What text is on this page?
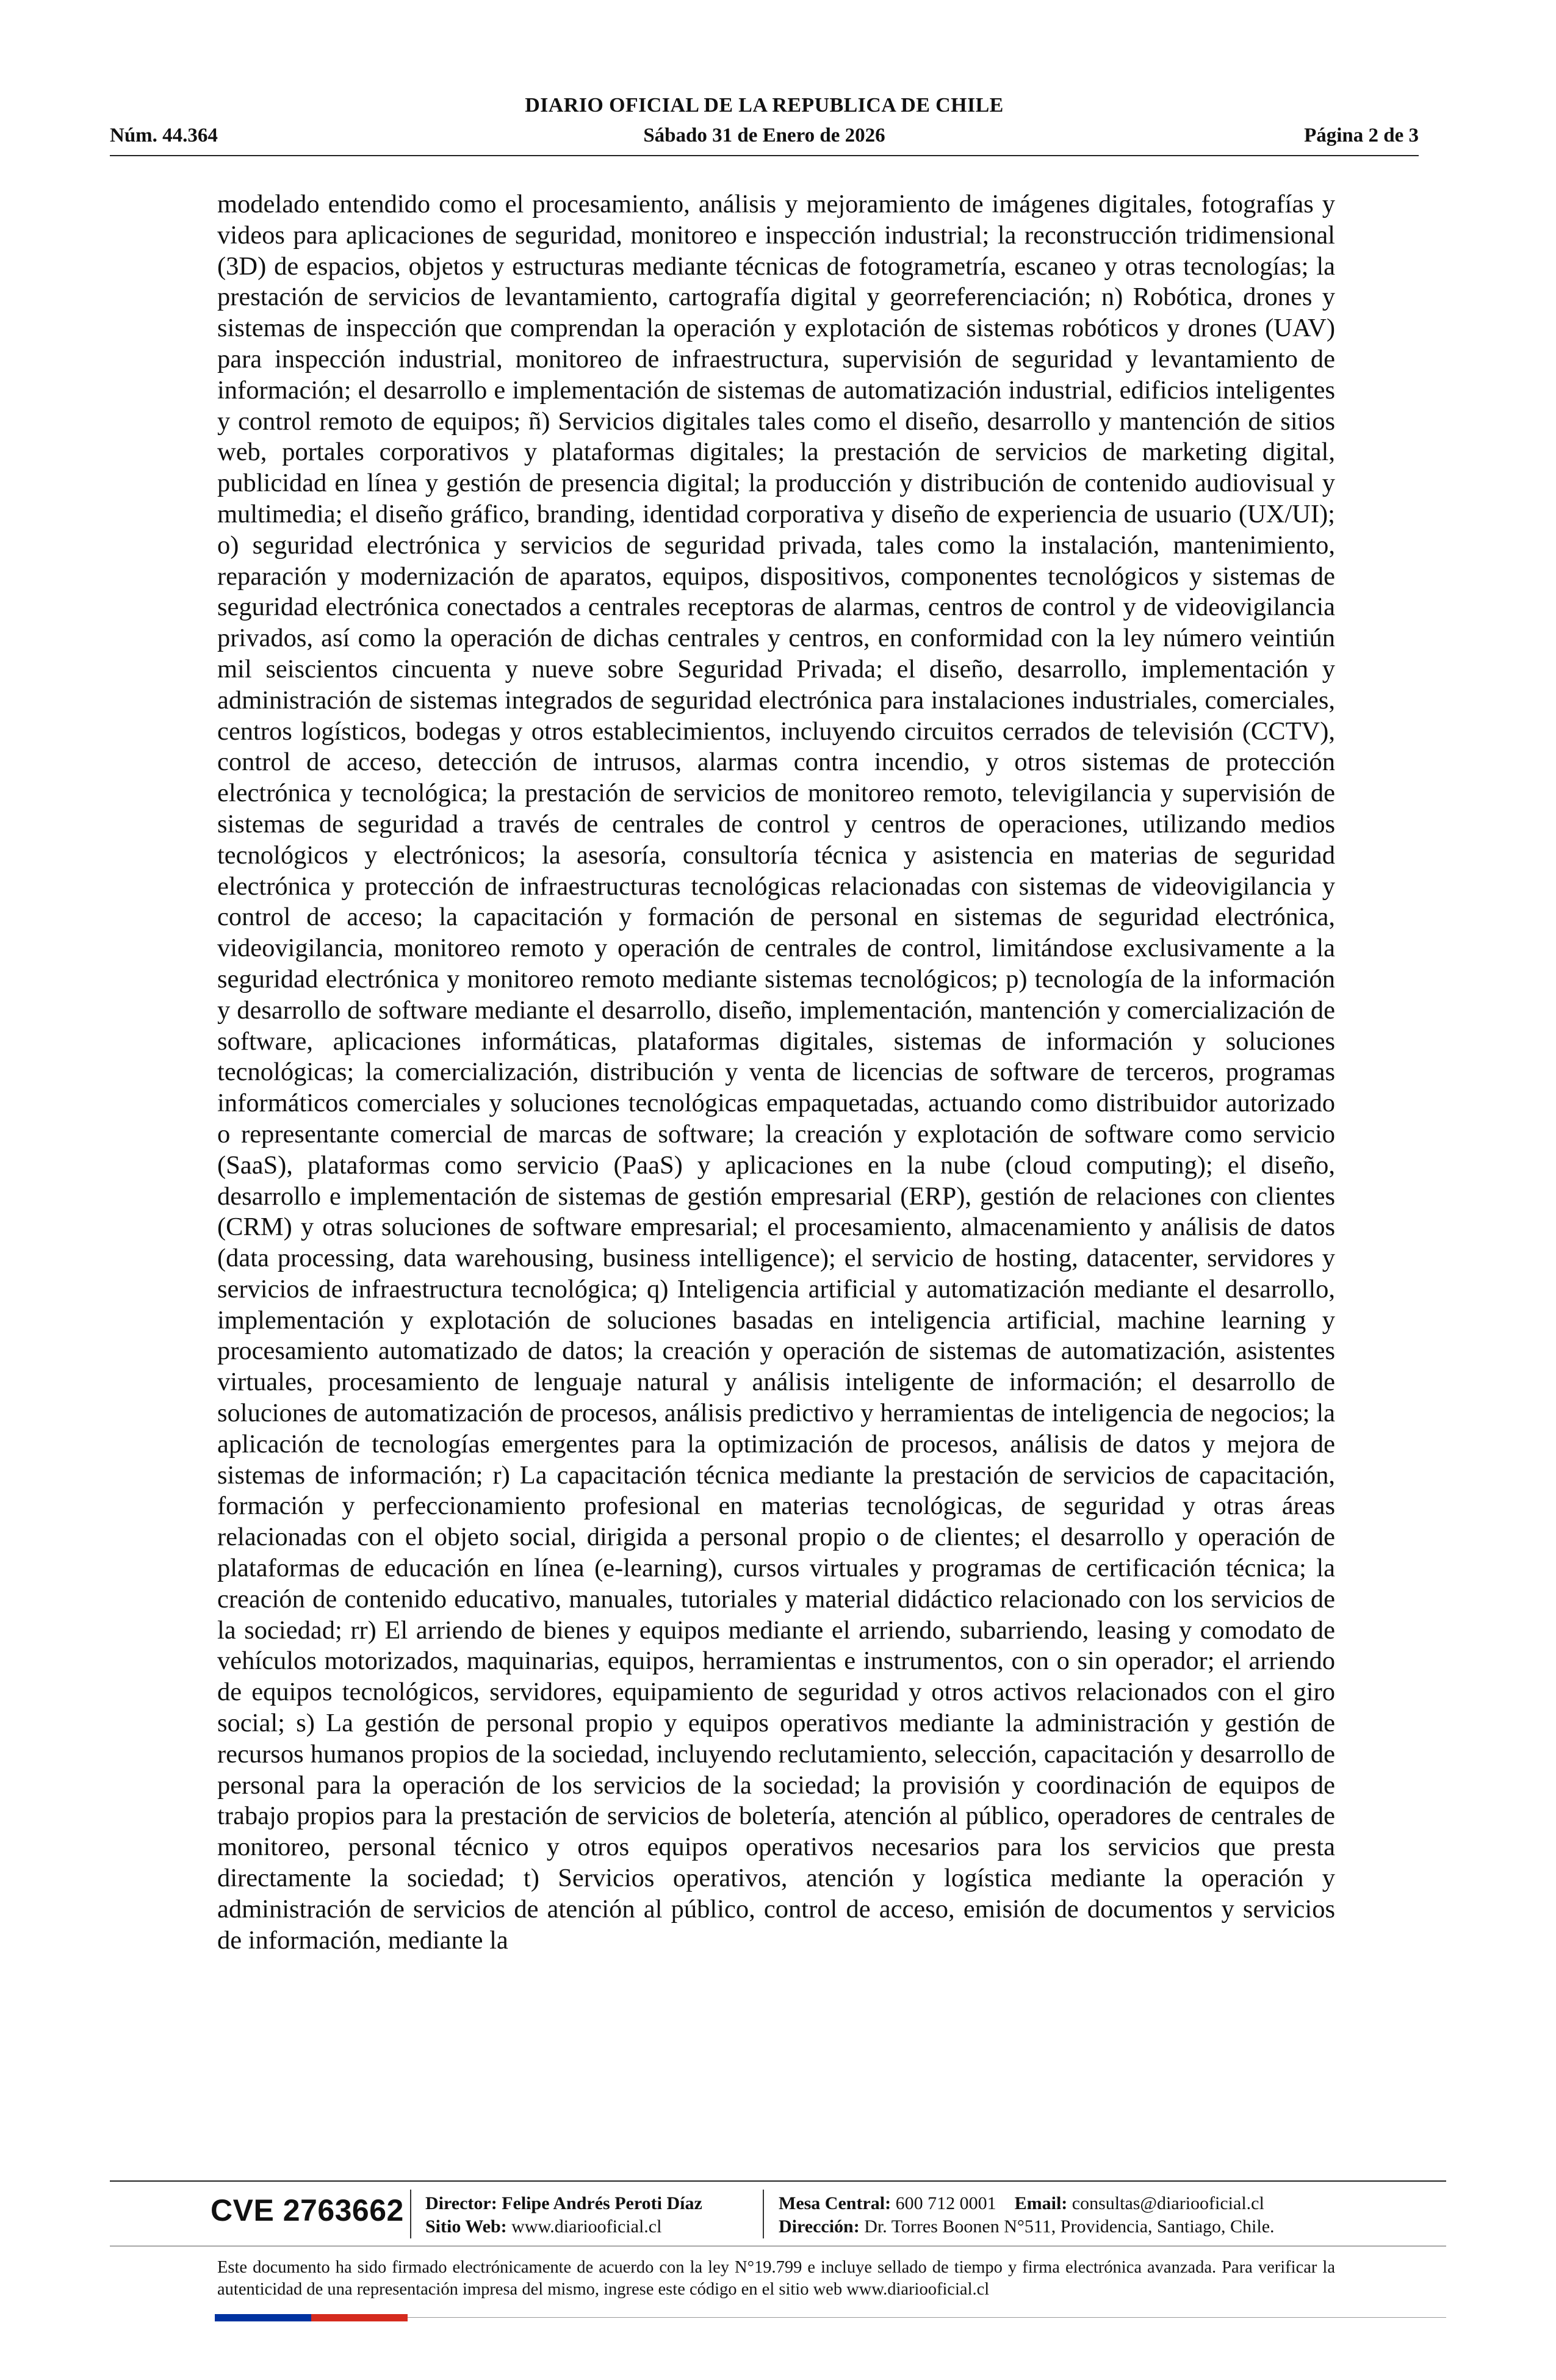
DIARIO OFICIAL DE LA REPUBLICA DE CHILE
Núm. 44.364	Sábado 31 de Enero de 2026	Página 2 de 3

modelado entendido como el procesamiento, análisis y mejoramiento de imágenes digitales, fotografías y videos para aplicaciones de seguridad, monitoreo e inspección industrial; la reconstrucción tridimensional (3D) de espacios, objetos y estructuras mediante técnicas de fotogrametría, escaneo y otras tecnologías; la prestación de servicios de levantamiento, cartografía digital y georreferenciación; n) Robótica, drones y sistemas de inspección que comprendan la operación y explotación de sistemas robóticos y drones (UAV) para inspección industrial, monitoreo de infraestructura, supervisión de seguridad y levantamiento de información; el desarrollo e implementación de sistemas de automatización industrial, edificios inteligentes y control remoto de equipos; ñ) Servicios digitales tales como el diseño, desarrollo y mantención de sitios web, portales corporativos y plataformas digitales; la prestación de servicios de marketing digital, publicidad en línea y gestión de presencia digital; la producción y distribución de contenido audiovisual y multimedia; el diseño gráfico, branding, identidad corporativa y diseño de experiencia de usuario (UX/UI); o) seguridad electrónica y servicios de seguridad privada, tales como la instalación, mantenimiento, reparación y modernización de aparatos, equipos, dispositivos, componentes tecnológicos y sistemas de seguridad electrónica conectados a centrales receptoras de alarmas, centros de control y de videovigilancia privados, así como la operación de dichas centrales y centros, en conformidad con la ley número veintiún mil seiscientos cincuenta y nueve sobre Seguridad Privada; el diseño, desarrollo, implementación y administración de sistemas integrados de seguridad electrónica para instalaciones industriales, comerciales, centros logísticos, bodegas y otros establecimientos, incluyendo circuitos cerrados de televisión (CCTV), control de acceso, detección de intrusos, alarmas contra incendio, y otros sistemas de protección electrónica y tecnológica; la prestación de servicios de monitoreo remoto, televigilancia y supervisión de sistemas de seguridad a través de centrales de control y centros de operaciones, utilizando medios tecnológicos y electrónicos; la asesoría, consultoría técnica y asistencia en materias de seguridad electrónica y protección de infraestructuras tecnológicas relacionadas con sistemas de videovigilancia y control de acceso; la capacitación y formación de personal en sistemas de seguridad electrónica, videovigilancia, monitoreo remoto y operación de centrales de control, limitándose exclusivamente a la seguridad electrónica y monitoreo remoto mediante sistemas tecnológicos; p) tecnología de la información y desarrollo de software mediante el desarrollo, diseño, implementación, mantención y comercialización de software, aplicaciones informáticas, plataformas digitales, sistemas de información y soluciones tecnológicas; la comercialización, distribución y venta de licencias de software de terceros, programas informáticos comerciales y soluciones tecnológicas empaquetadas, actuando como distribuidor autorizado o representante comercial de marcas de software; la creación y explotación de software como servicio (SaaS), plataformas como servicio (PaaS) y aplicaciones en la nube (cloud computing); el diseño, desarrollo e implementación de sistemas de gestión empresarial (ERP), gestión de relaciones con clientes (CRM) y otras soluciones de software empresarial; el procesamiento, almacenamiento y análisis de datos (data processing, data warehousing, business intelligence); el servicio de hosting, datacenter, servidores y servicios de infraestructura tecnológica; q) Inteligencia artificial y automatización mediante el desarrollo, implementación y explotación de soluciones basadas en inteligencia artificial, machine learning y procesamiento automatizado de datos; la creación y operación de sistemas de automatización, asistentes virtuales, procesamiento de lenguaje natural y análisis inteligente de información; el desarrollo de soluciones de automatización de procesos, análisis predictivo y herramientas de inteligencia de negocios; la aplicación de tecnologías emergentes para la optimización de procesos, análisis de datos y mejora de sistemas de información; r) La capacitación técnica mediante la prestación de servicios de capacitación, formación y perfeccionamiento profesional en materias tecnológicas, de seguridad y otras áreas relacionadas con el objeto social, dirigida a personal propio o de clientes; el desarrollo y operación de plataformas de educación en línea (e-learning), cursos virtuales y programas de certificación técnica; la creación de contenido educativo, manuales, tutoriales y material didáctico relacionado con los servicios de la sociedad; rr) El arriendo de bienes y equipos mediante el arriendo, subarriendo, leasing y comodato de vehículos motorizados, maquinarias, equipos, herramientas e instrumentos, con o sin operador; el arriendo de equipos tecnológicos, servidores, equipamiento de seguridad y otros activos relacionados con el giro social; s) La gestión de personal propio y equipos operativos mediante la administración y gestión de recursos humanos propios de la sociedad, incluyendo reclutamiento, selección, capacitación y desarrollo de personal para la operación de los servicios de la sociedad; la provisión y coordinación de equipos de trabajo propios para la prestación de servicios de boletería, atención al público, operadores de centrales de monitoreo, personal técnico y otros equipos operativos necesarios para los servicios que presta directamente la sociedad; t) Servicios operativos, atención y logística mediante la operación y administración de servicios de atención al público, control de acceso, emisión de documentos y servicios de información, mediante la

CVE 2763662 Director: Felipe Andrés Peroti Díaz
Sitio Web: www.diariooficial.cl
Mesa Central: 600 712 0001 Email: consultas@diariooficial.cl
Dirección: Dr. Torres Boonen N°511, Providencia, Santiago, Chile.
Este documento ha sido firmado electrónicamente de acuerdo con la ley N°19.799 e incluye sellado de tiempo y firma electrónica avanzada. Para verificar la autenticidad de una representación impresa del mismo, ingrese este código en el sitio web www.diariooficial.cl
